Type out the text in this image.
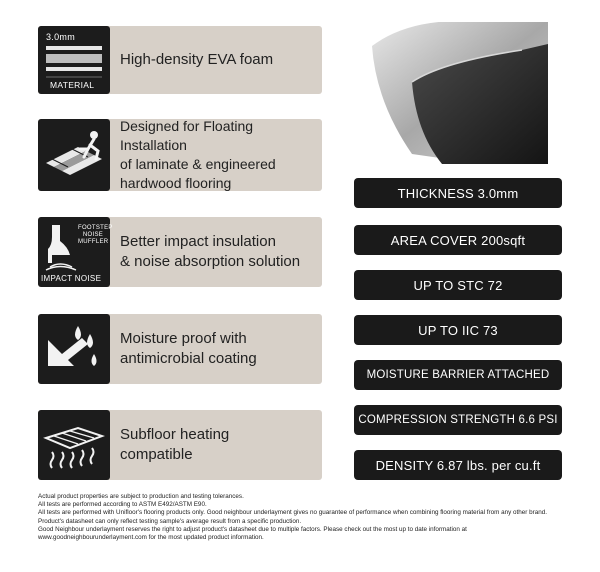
3.0mm
MATERIAL
High-density EVA foam
Designed for Floating Installation
of laminate & engineered
hardwood flooring
FOOTSTEP
NOISE
MUFFLER
IMPACT NOISE
Better impact insulation
& noise absorption solution
Moisture proof with
antimicrobial coating
Subfloor heating
compatible
THICKNESS 3.0mm
AREA COVER 200sqft
UP TO STC 72
UP TO IIC 73
MOISTURE BARRIER ATTACHED
COMPRESSION STRENGTH 6.6 PSI
DENSITY 6.87 lbs. per cu.ft

Actual product properties are subject to production and testing tolerances.

All tests are performed according to ASTM E492/ASTM E90.

All tests are performed with Unifloor's flooring products only. Good neighbour underlayment gives no guarantee of performance when combining flooring material from any other brand.

Product's datasheet can only reflect testing sample's average result from a specific production.

Good Neighbour underlayment reserves the right to adjust product's datasheet due to multiple factors. Please check out the most up to date information at www.goodneighbourunderlayment.com for the most updated product information.
